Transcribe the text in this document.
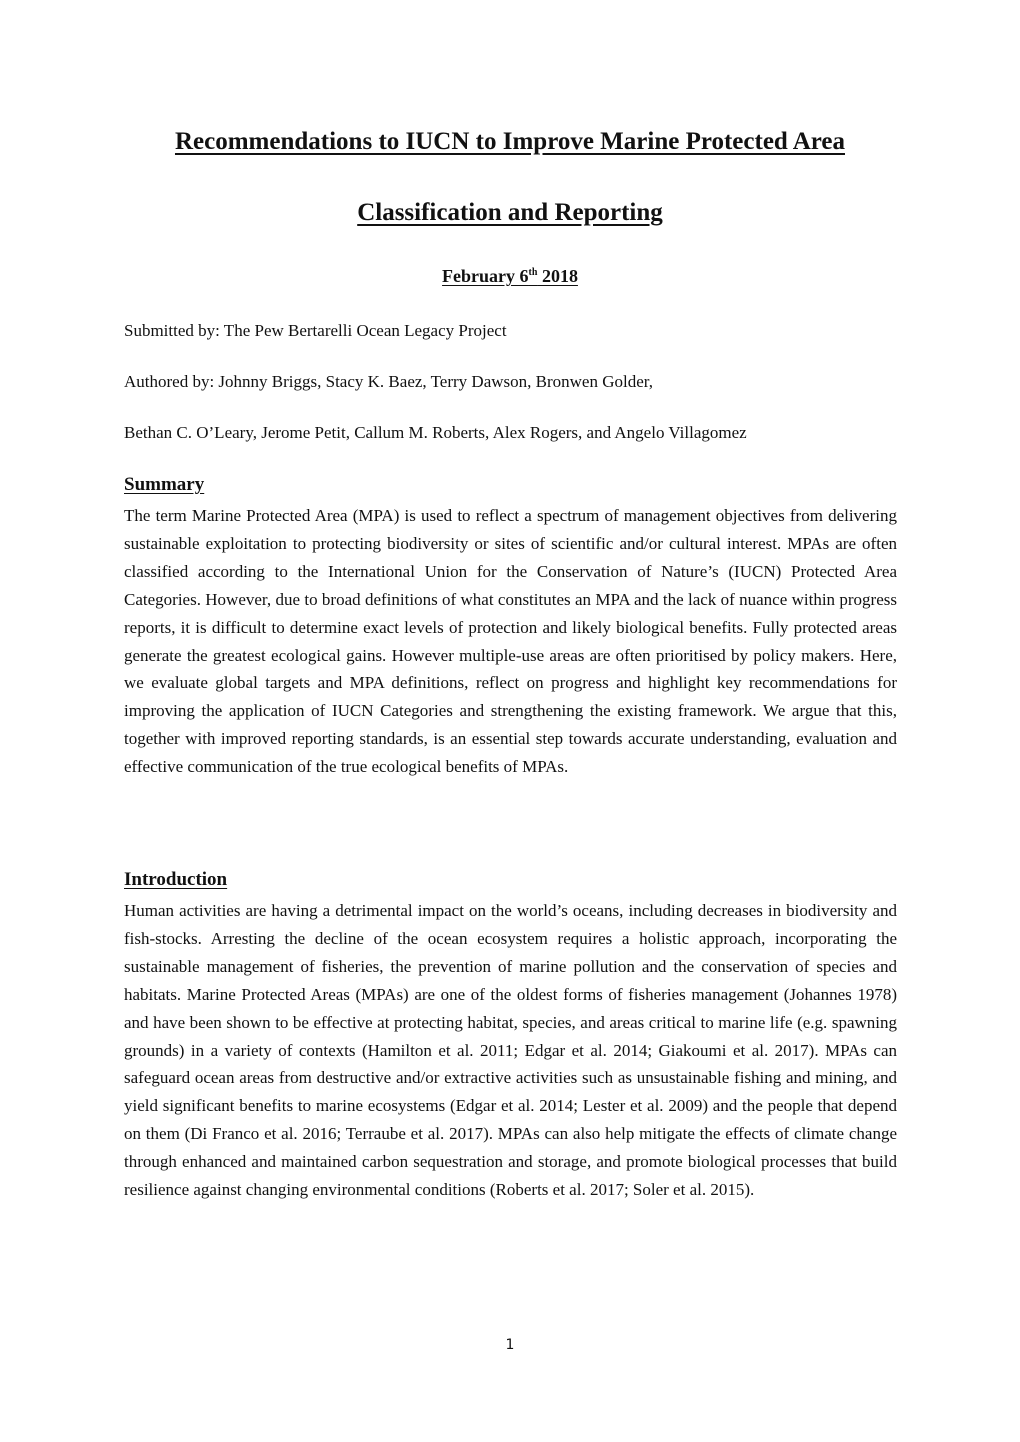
Recommendations to IUCN to Improve Marine Protected Area
Classification and Reporting
February 6th 2018

Submitted by: The Pew Bertarelli Ocean Legacy Project

Authored by: Johnny Briggs, Stacy K. Baez, Terry Dawson, Bronwen Golder,

Bethan C. O’Leary, Jerome Petit, Callum M. Roberts, Alex Rogers, and Angelo Villagomez

Summary

The term Marine Protected Area (MPA) is used to reflect a spectrum of management objectives from delivering sustainable exploitation to protecting biodiversity or sites of scientific and/or cultural interest. MPAs are often classified according to the International Union for the Conservation of Nature’s (IUCN) Protected Area Categories. However, due to broad definitions of what constitutes an MPA and the lack of nuance within progress reports, it is difficult to determine exact levels of protection and likely biological benefits. Fully protected areas generate the greatest ecological gains. However multiple-use areas are often prioritised by policy makers. Here, we evaluate global targets and MPA definitions, reflect on progress and highlight key recommendations for improving the application of IUCN Categories and strengthening the existing framework. We argue that this, together with improved reporting standards, is an essential step towards accurate understanding, evaluation and effective communication of the true ecological benefits of MPAs.

Introduction

Human activities are having a detrimental impact on the world’s oceans, including decreases in biodiversity and fish-stocks. Arresting the decline of the ocean ecosystem requires a holistic approach, incorporating the sustainable management of fisheries, the prevention of marine pollution and the conservation of species and habitats. Marine Protected Areas (MPAs) are one of the oldest forms of fisheries management (Johannes 1978) and have been shown to be effective at protecting habitat, species, and areas critical to marine life (e.g. spawning grounds) in a variety of contexts (Hamilton et al. 2011; Edgar et al. 2014; Giakoumi et al. 2017). MPAs can safeguard ocean areas from destructive and/or extractive activities such as unsustainable fishing and mining, and yield significant benefits to marine ecosystems (Edgar et al. 2014; Lester et al. 2009) and the people that depend on them (Di Franco et al. 2016; Terraube et al. 2017). MPAs can also help mitigate the effects of climate change through enhanced and maintained carbon sequestration and storage, and promote biological processes that build resilience against changing environmental conditions (Roberts et al. 2017; Soler et al. 2015).

1
